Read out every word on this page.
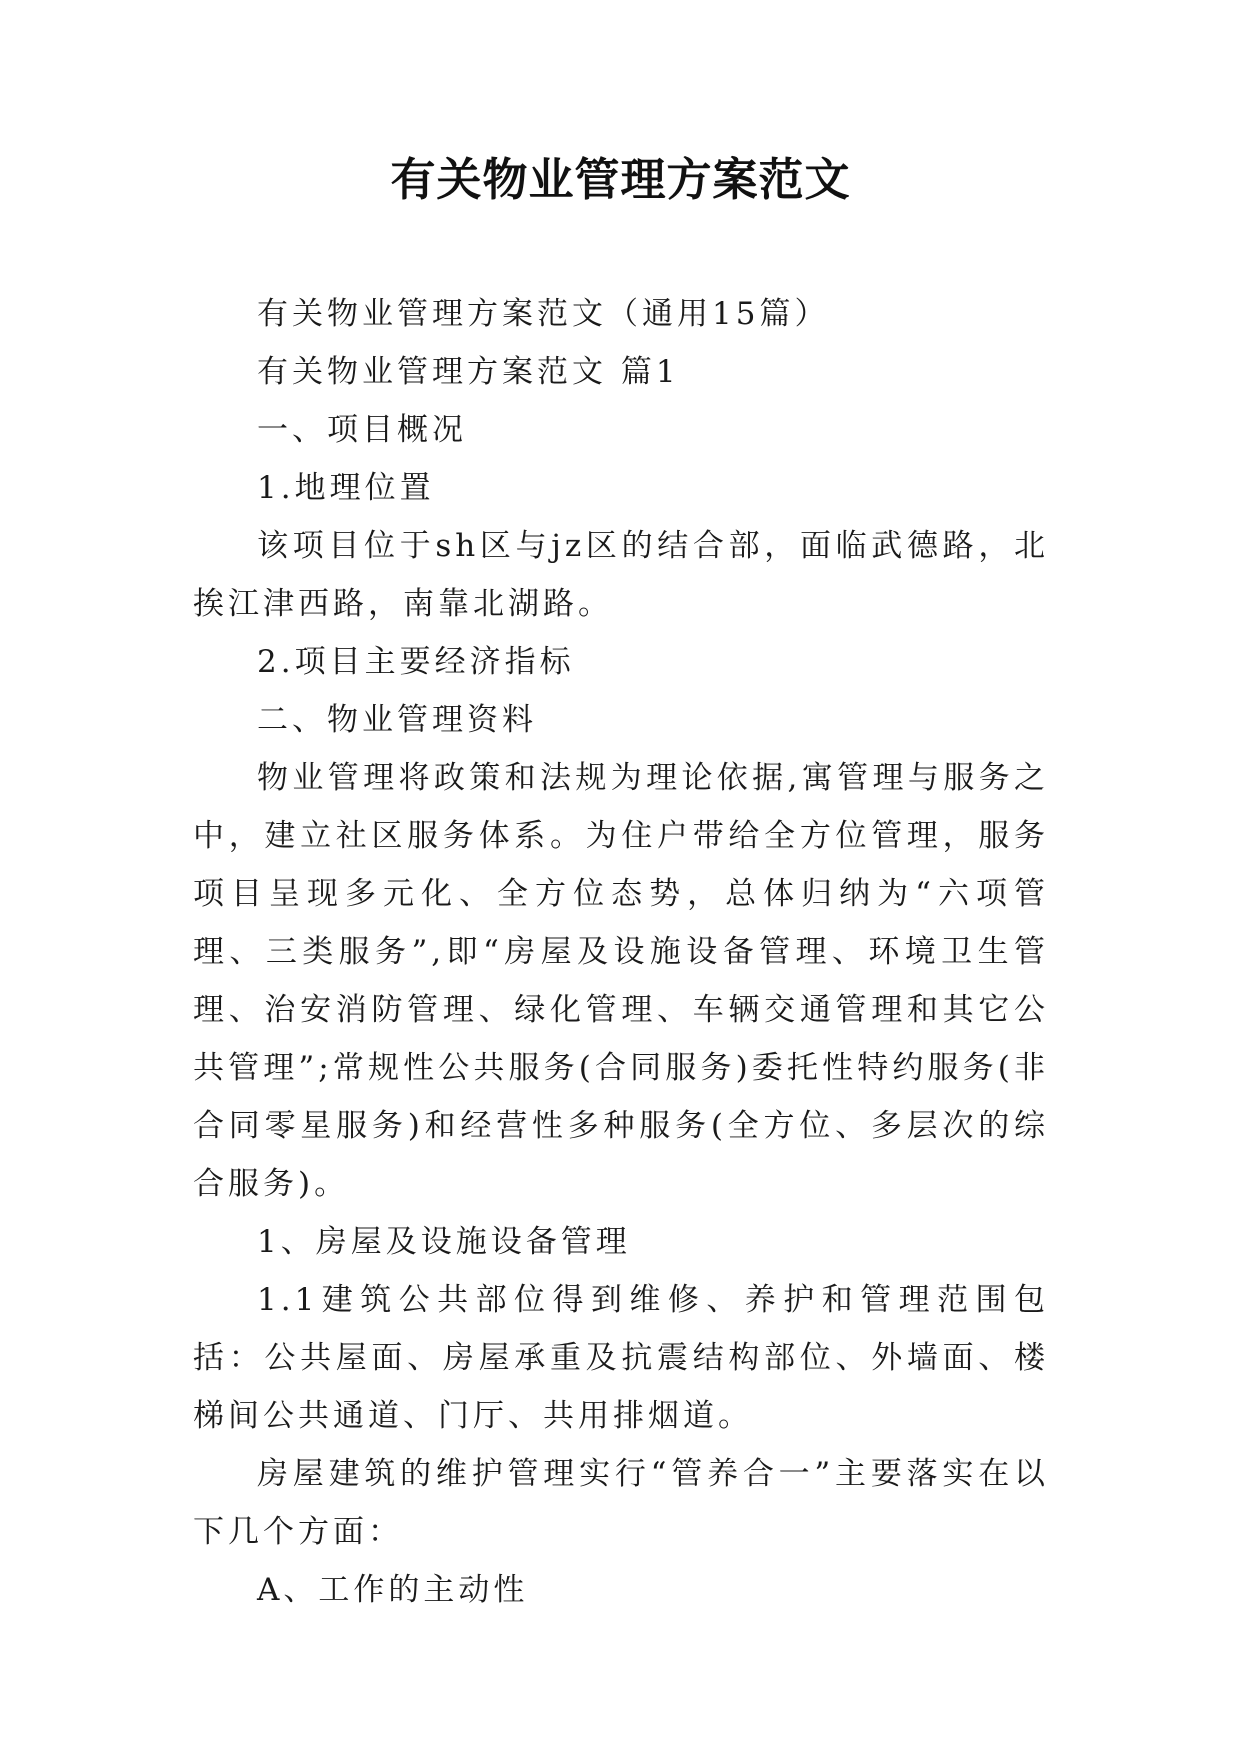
有关物业管理方案范文

有关物业管理方案范文（通用15篇）

有关物业管理方案范文 篇1

一、项目概况

1.地理位置

该项目位于sh区与jz区的结合部，面临武德路，北挨江津西路，南靠北湖路。

2.项目主要经济指标

二、物业管理资料

物业管理将政策和法规为理论依据,寓管理与服务之中，建立社区服务体系。为住户带给全方位管理，服务项目呈现多元化、全方位态势，总体归纳为“六项管理、三类服务”,即“房屋及设施设备管理、环境卫生管理、治安消防管理、绿化管理、车辆交通管理和其它公共管理”;常规性公共服务(合同服务)委托性特约服务(非合同零星服务)和经营性多种服务(全方位、多层次的综合服务)。

1、房屋及设施设备管理

1.1建筑公共部位得到维修、养护和管理范围包括：公共屋面、房屋承重及抗震结构部位、外墙面、楼梯间公共通道、门厅、共用排烟道。

房屋建筑的维护管理实行“管养合一”主要落实在以下几个方面：

A、工作的主动性
